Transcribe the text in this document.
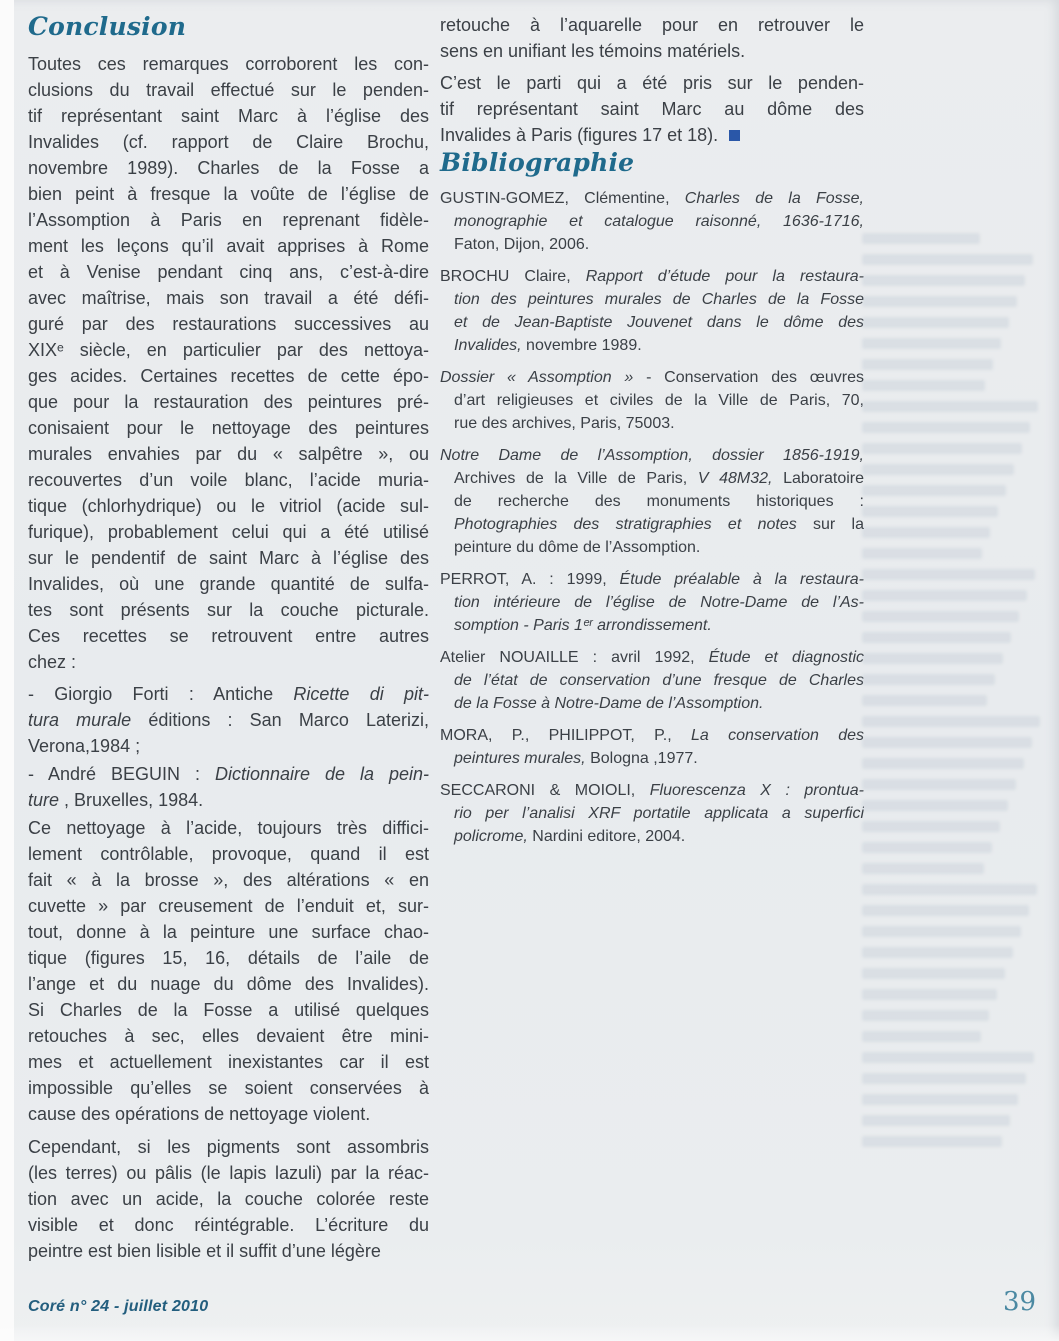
Conclusion
Toutes ces remarques corroborent les con-
clusions du travail effectué sur le penden-
tif représentant saint Marc à l’église des
Invalides (cf. rapport de Claire Brochu,
novembre 1989). Charles de la Fosse a
bien peint à fresque la voûte de l’église de
l’Assomption à Paris en reprenant fidèle-
ment les leçons qu’il avait apprises à Rome
et à Venise pendant cinq ans, c’est-à-dire
avec maîtrise, mais son travail a été défi-
guré par des restaurations successives au
XIXᵉ siècle, en particulier par des nettoya-
ges acides. Certaines recettes de cette épo-
que pour la restauration des peintures pré-
conisaient pour le nettoyage des peintures
murales envahies par du « salpêtre », ou
recouvertes d’un voile blanc, l’acide muria-
tique (chlorhydrique) ou le vitriol (acide sul-
furique), probablement celui qui a été utilisé
sur le pendentif de saint Marc à l’église des
Invalides, où une grande quantité de sulfa-
tes sont présents sur la couche picturale.
Ces recettes se retrouvent entre autres
chez :
- Giorgio Forti : Antiche Ricette di pit-
tura murale éditions : San Marco Laterizi,
Verona,1984 ;
- André BEGUIN : Dictionnaire de la pein-
ture , Bruxelles, 1984.
Ce nettoyage à l’acide, toujours très diffici-
lement contrôlable, provoque, quand il est
fait « à la brosse », des altérations « en
cuvette » par creusement de l’enduit et, sur-
tout, donne à la peinture une surface chao-
tique (figures 15, 16, détails de l’aile de
l’ange et du nuage du dôme des Invalides).
Si Charles de la Fosse a utilisé quelques
retouches à sec, elles devaient être mini-
mes et actuellement inexistantes car il est
impossible qu’elles se soient conservées à
cause des opérations de nettoyage violent.
Cependant, si les pigments sont assombris
(les terres) ou pâlis (le lapis lazuli) par la réac-
tion avec un acide, la couche colorée reste
visible et donc réintégrable. L’écriture du
peintre est bien lisible et il suffit d’une légère
retouche à l’aquarelle pour en retrouver le
sens en unifiant les témoins matériels.
C’est le parti qui a été pris sur le penden-
tif représentant saint Marc au dôme des
Invalides à Paris (figures 17 et 18).
Bibliographie
GUSTIN-GOMEZ, Clémentine, Charles de la Fosse,
monographie et catalogue raisonné, 1636-1716,
Faton, Dijon, 2006.
BROCHU Claire, Rapport d’étude pour la restaura-
tion des peintures murales de Charles de la Fosse
et de Jean-Baptiste Jouvenet dans le dôme des
Invalides, novembre 1989.
Dossier « Assomption » - Conservation des œuvres
d’art religieuses et civiles de la Ville de Paris, 70,
rue des archives, Paris, 75003.
Notre Dame de l’Assomption, dossier 1856-1919,
Archives de la Ville de Paris, V 48M32, Laboratoire
de recherche des monuments historiques :
Photographies des stratigraphies et notes sur la
peinture du dôme de l’Assomption.
PERROT, A. : 1999, Étude préalable à la restaura-
tion intérieure de l’église de Notre-Dame de l’As-
somption - Paris 1ᵉʳ arrondissement.
Atelier NOUAILLE : avril 1992, Étude et diagnostic
de l’état de conservation d’une fresque de Charles
de la Fosse à Notre-Dame de l’Assomption.
MORA, P., PHILIPPOT, P., La conservation des
peintures murales, Bologna ,1977.
SECCARONI & MOIOLI, Fluorescenza X : prontua-
rio per l’analisi XRF portatile applicata a superfici
policrome, Nardini editore, 2004.
Coré n° 24 - juillet 2010	39
